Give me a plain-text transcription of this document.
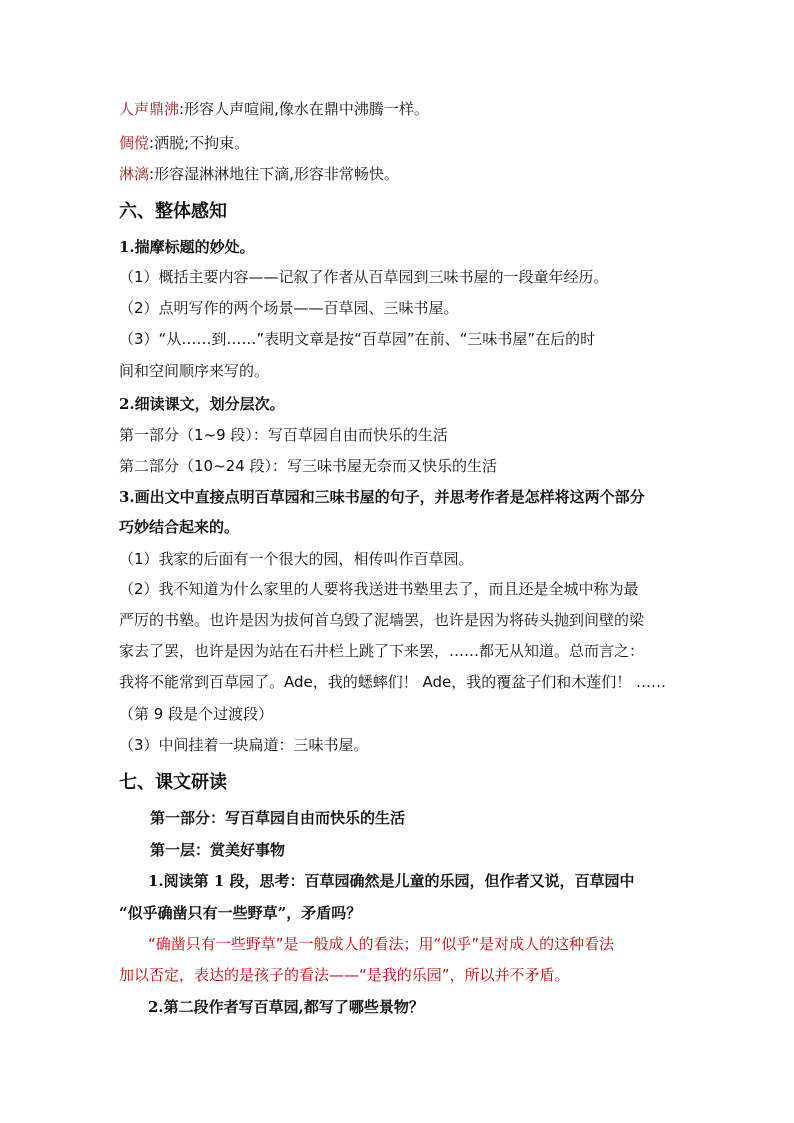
人声鼎沸:形容人声喧闹,像水在鼎中沸腾一样。
倜傥:洒脱;不拘束。
淋漓:形容湿淋淋地往下滴,形容非常畅快。
六、整体感知
1.揣摩标题的妙处。
（1）概括主要内容——记叙了作者从百草园到三味书屋的一段童年经历。
（2）点明写作的两个场景——百草园、三味书屋。
（3）“从……到……”表明文章是按“百草园”在前、“三味书屋”在后的时
间和空间顺序来写的。
2.细读课文，划分层次。
第一部分（1~9 段）：写百草园自由而快乐的生活
第二部分（10~24 段）：写三味书屋无奈而又快乐的生活
3.画出文中直接点明百草园和三味书屋的句子，并思考作者是怎样将这两个部分
巧妙结合起来的。
（1）我家的后面有一个很大的园，相传叫作百草园。
（2）我不知道为什么家里的人要将我送进书塾里去了，而且还是全城中称为最
严厉的书塾。也许是因为拔何首乌毁了泥墙罢，也许是因为将砖头抛到间壁的梁
家去了罢，也许是因为站在石井栏上跳了下来罢，……都无从知道。总而言之：
我将不能常到百草园了。Ade，我的蟋蟀们！ Ade，我的覆盆子们和木莲们！ ……
（第 9 段是个过渡段）
（3）中间挂着一块扁道：三味书屋。
七、课文研读
第一部分：写百草园自由而快乐的生活
第一层：赏美好事物
1.阅读第 1 段，思考：百草园确然是儿童的乐园，但作者又说，百草园中
“似乎确凿只有一些野草”，矛盾吗？
“确凿只有一些野草”是一般成人的看法；用“似乎”是对成人的这种看法
加以否定，表达的是孩子的看法——“是我的乐园”，所以并不矛盾。
2.第二段作者写百草园,都写了哪些景物？
